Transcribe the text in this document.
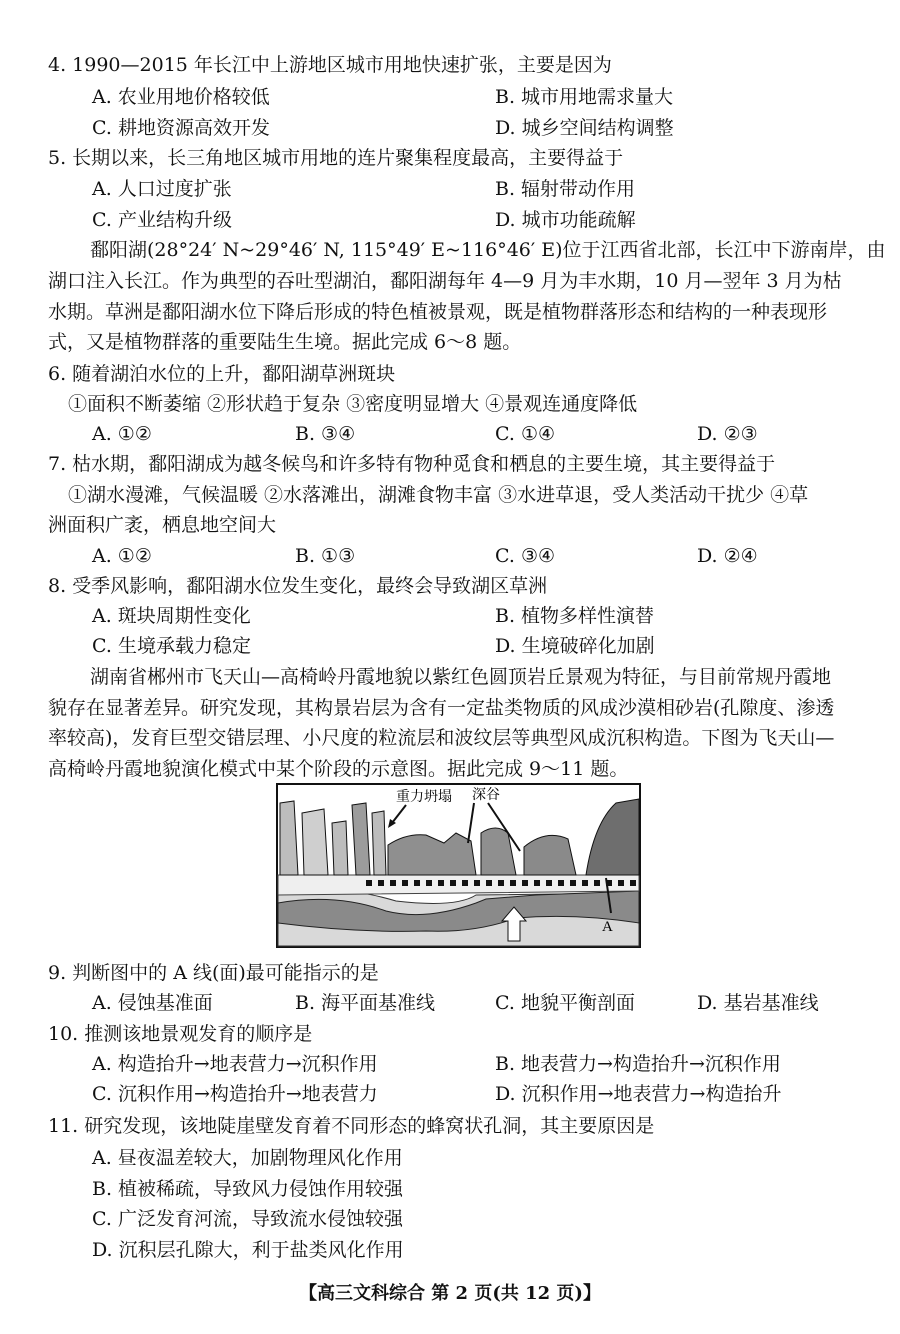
4. 1990—2015 年长江中上游地区城市用地快速扩张，主要是因为
A. 农业用地价格较低	B. 城市用地需求量大
C. 耕地资源高效开发	D. 城乡空间结构调整
5. 长期以来，长三角地区城市用地的连片聚集程度最高，主要得益于
A. 人口过度扩张	B. 辐射带动作用
C. 产业结构升级	D. 城市功能疏解
鄱阳湖(28°24′ N~29°46′ N, 115°49′ E~116°46′ E)位于江西省北部，长江中下游南岸，由
湖口注入长江。作为典型的吞吐型湖泊，鄱阳湖每年 4—9 月为丰水期，10 月—翌年 3 月为枯
水期。草洲是鄱阳湖水位下降后形成的特色植被景观，既是植物群落形态和结构的一种表现形
式，又是植物群落的重要陆生生境。据此完成 6～8 题。
6. 随着湖泊水位的上升，鄱阳湖草洲斑块
①面积不断萎缩 ②形状趋于复杂 ③密度明显增大 ④景观连通度降低
A. ①②	B. ③④	C. ①④	D. ②③
7. 枯水期，鄱阳湖成为越冬候鸟和许多特有物种觅食和栖息的主要生境，其主要得益于
①湖水漫滩，气候温暖 ②水落滩出，湖滩食物丰富 ③水进草退，受人类活动干扰少 ④草
洲面积广袤，栖息地空间大
A. ①②	B. ①③	C. ③④	D. ②④
8. 受季风影响，鄱阳湖水位发生变化，最终会导致湖区草洲
A. 斑块周期性变化	B. 植物多样性演替
C. 生境承载力稳定	D. 生境破碎化加剧
湖南省郴州市飞天山—高椅岭丹霞地貌以紫红色圆顶岩丘景观为特征，与目前常规丹霞地
貌存在显著差异。研究发现，其构景岩层为含有一定盐类物质的风成沙漠相砂岩(孔隙度、渗透
率较高)，发育巨型交错层理、小尺度的粒流层和波纹层等典型风成沉积构造。下图为飞天山—
高椅岭丹霞地貌演化模式中某个阶段的示意图。据此完成 9～11 题。
重力坍塌 深谷
A
9. 判断图中的 A 线(面)最可能指示的是
A. 侵蚀基准面	B. 海平面基准线	C. 地貌平衡剖面	D. 基岩基准线
10. 推测该地景观发育的顺序是
A. 构造抬升→地表营力→沉积作用	B. 地表营力→构造抬升→沉积作用
C. 沉积作用→构造抬升→地表营力	D. 沉积作用→地表营力→构造抬升
11. 研究发现，该地陡崖壁发育着不同形态的蜂窝状孔洞，其主要原因是
A. 昼夜温差较大，加剧物理风化作用
B. 植被稀疏，导致风力侵蚀作用较强
C. 广泛发育河流，导致流水侵蚀较强
D. 沉积层孔隙大，利于盐类风化作用
【高三文科综合 第 2 页(共 12 页)】
